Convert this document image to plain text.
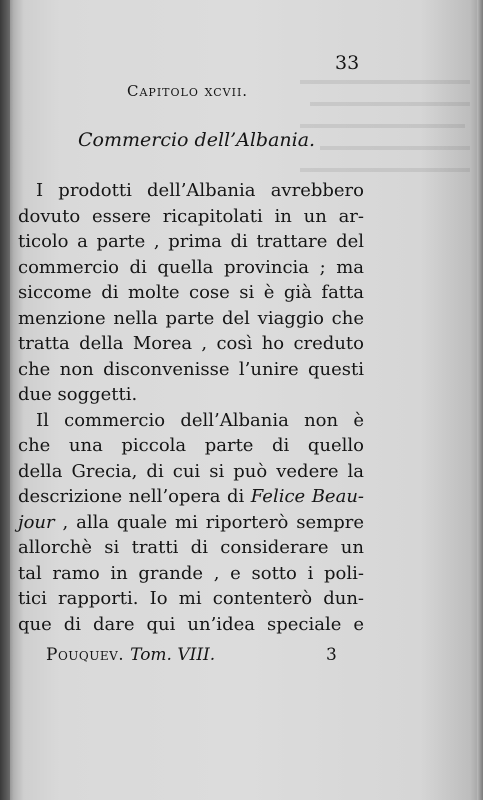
33

Capitolo xcvii.

Commercio dell’Albania.

I prodotti dell’Albania avrebbero
dovuto essere ricapitolati in un ar-
ticolo a parte , prima di trattare del
commercio di quella provincia ; ma
siccome di molte cose si è già fatta
menzione nella parte del viaggio che
tratta della Morea , così ho creduto
che non disconvenisse l’unire questi
due soggetti.
Il commercio dell’Albania non è
che una piccola parte di quello
della Grecia, di cui si può vedere la
descrizione nell’opera di Felice Beau-
jour , alla quale mi riporterò sempre
allorchè si tratti di considerare un
tal ramo in grande , e sotto i poli-
tici rapporti. Io mi contenterò dun-
que di dare qui un’idea speciale e

Pouquev. Tom. VIII.	3
